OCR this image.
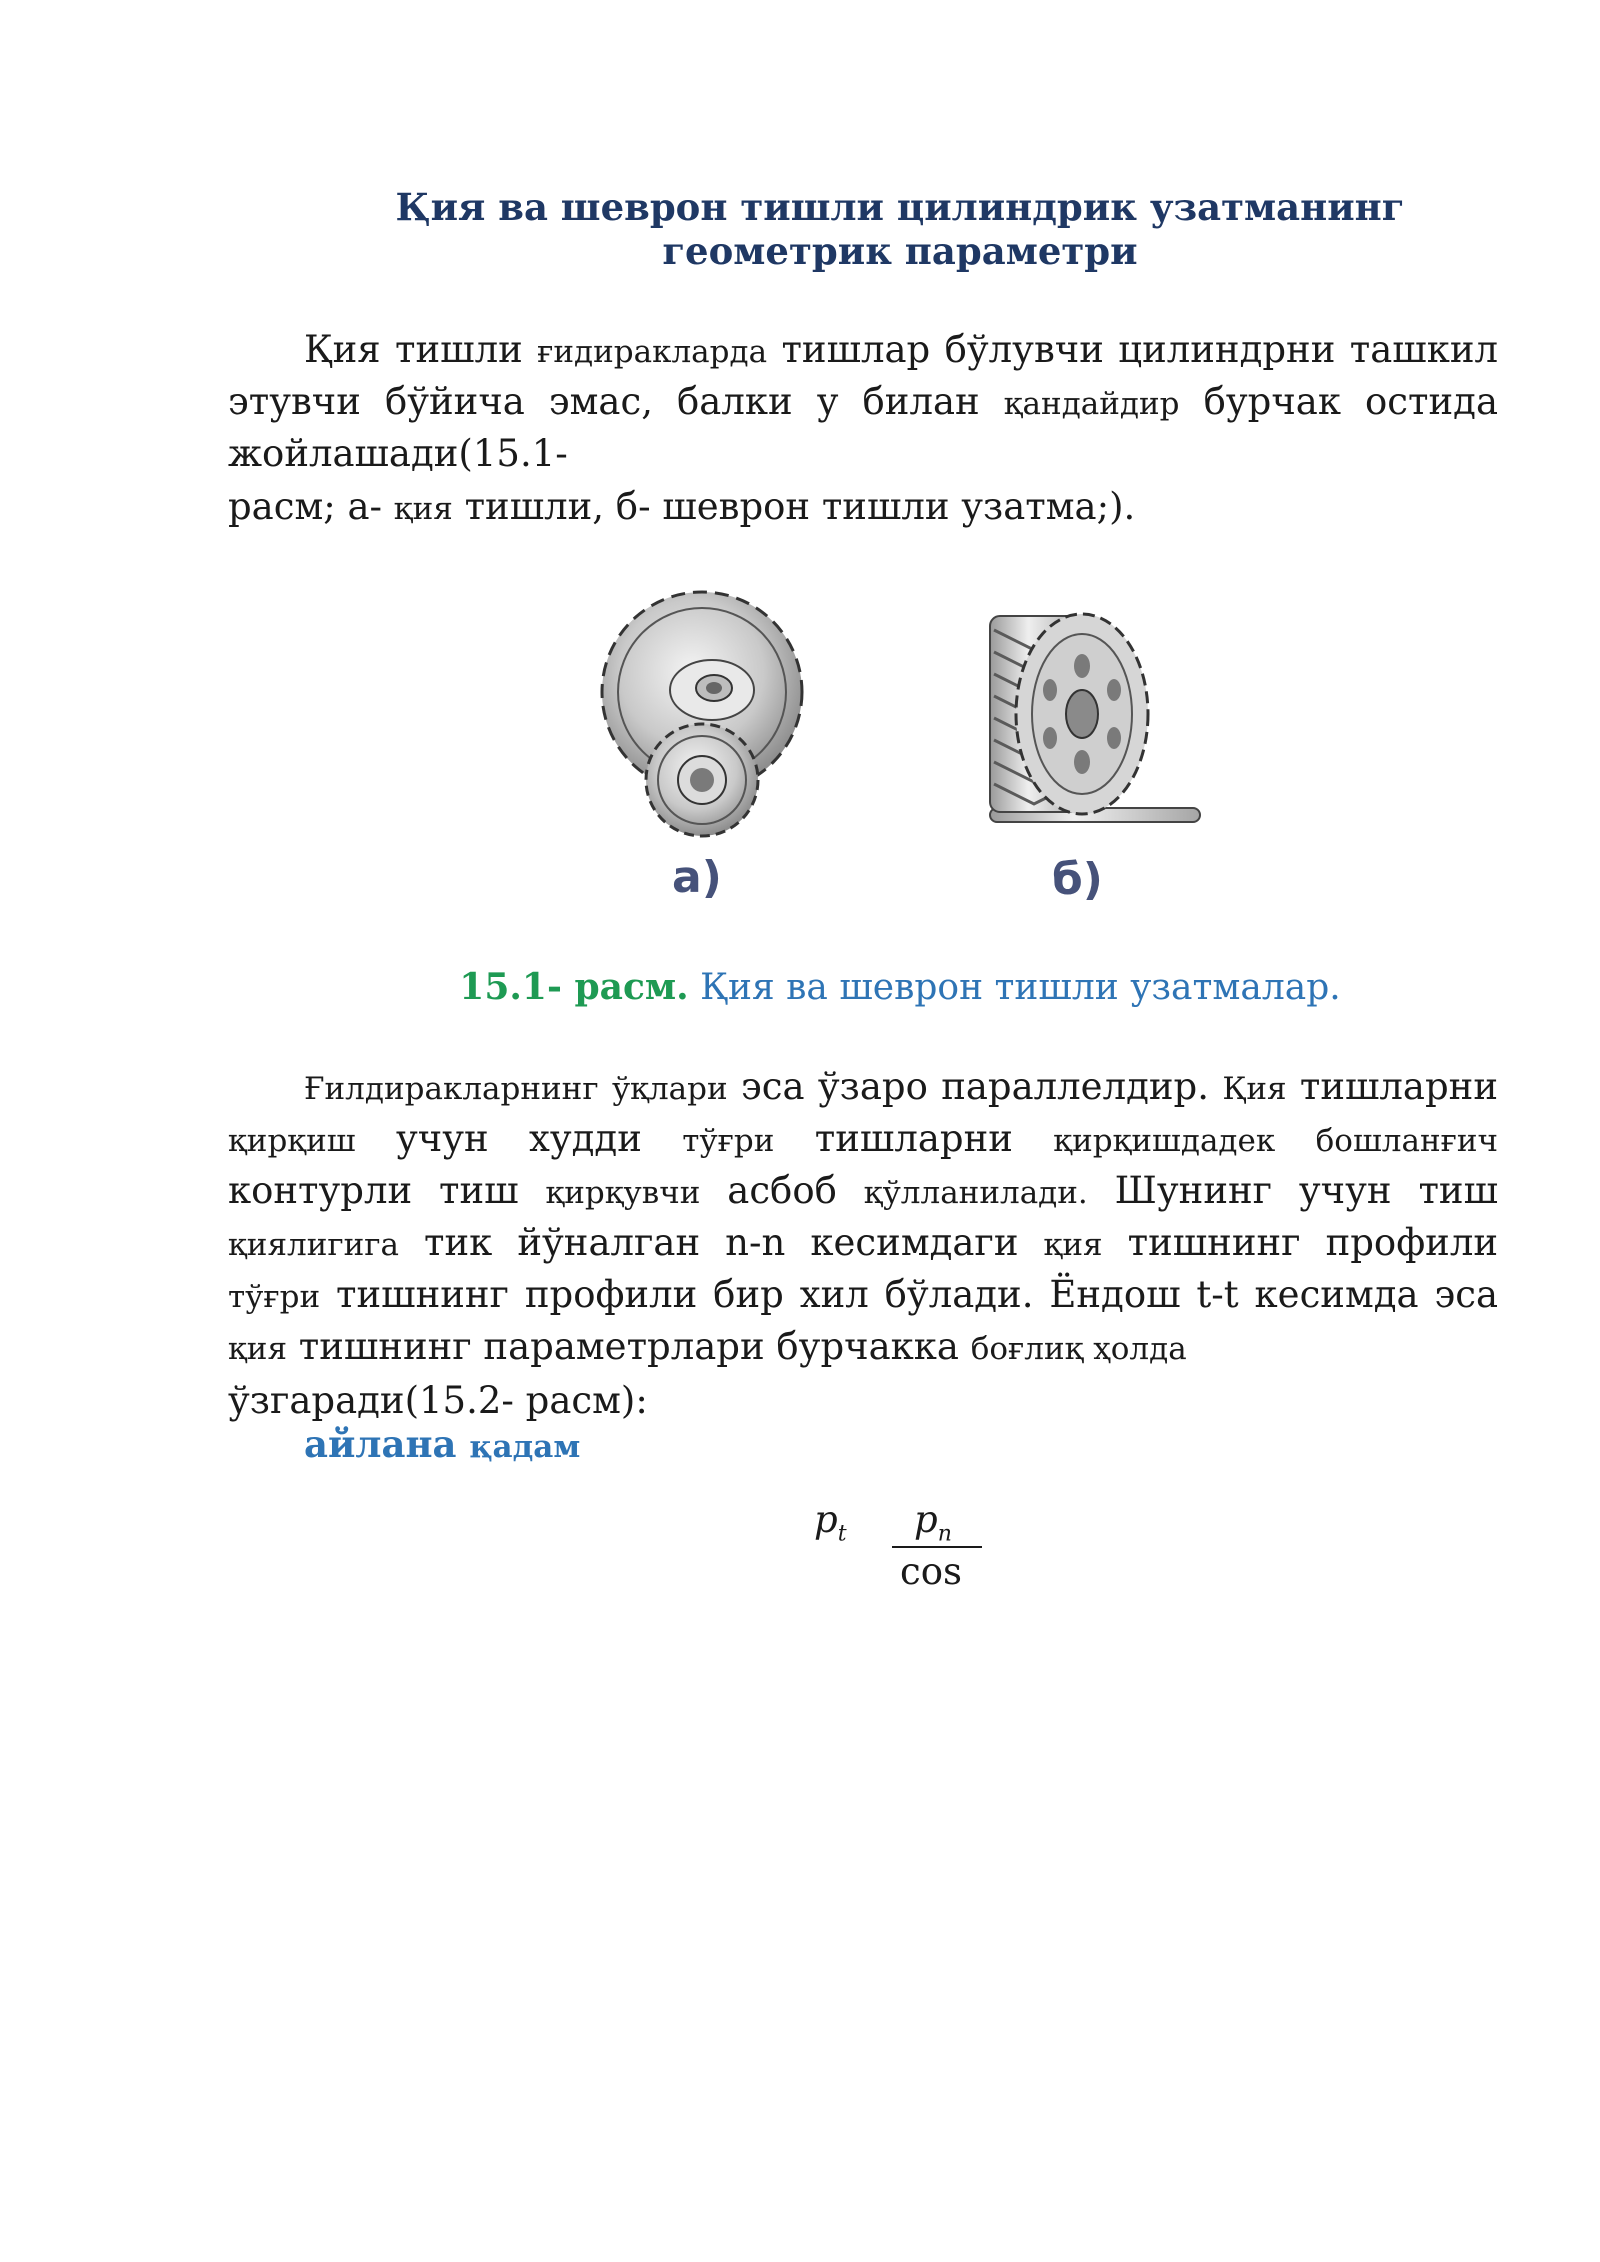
Қия ва шеврон тишли цилиндрик узатманинг геометрик параметри
Қия тишли ғидиракларда тишлар бўлувчи цилиндрни ташкил этувчи бўйича эмас, балки у билан қандайдир бурчак остида жойлашади(15.1-
расм; а- қия тишли, б- шеврон тишли узатма;).
а)	б)
15.1- расм. Қия ва шеврон тишли узатмалар.
Ғилдиракларнинг ўқлари эса ўзаро параллелдир. Қия тишларни қирқиш учун худди тўғри тишларни қирқишдадек бошланғич контурли тиш қирқувчи асбоб қўлланилади. Шунинг учун тиш қиялигига тик йўналган n-n кесимдаги қия тишнинг профили тўғри тишнинг профили бир хил бўлади. Ёндош t-t кесимда эса қия тишнинг параметрлари бурчакка боғлиқ ҳолда
ўзгаради(15.2- расм):
айлана қадам
$p_t$ $p_n$
cos
